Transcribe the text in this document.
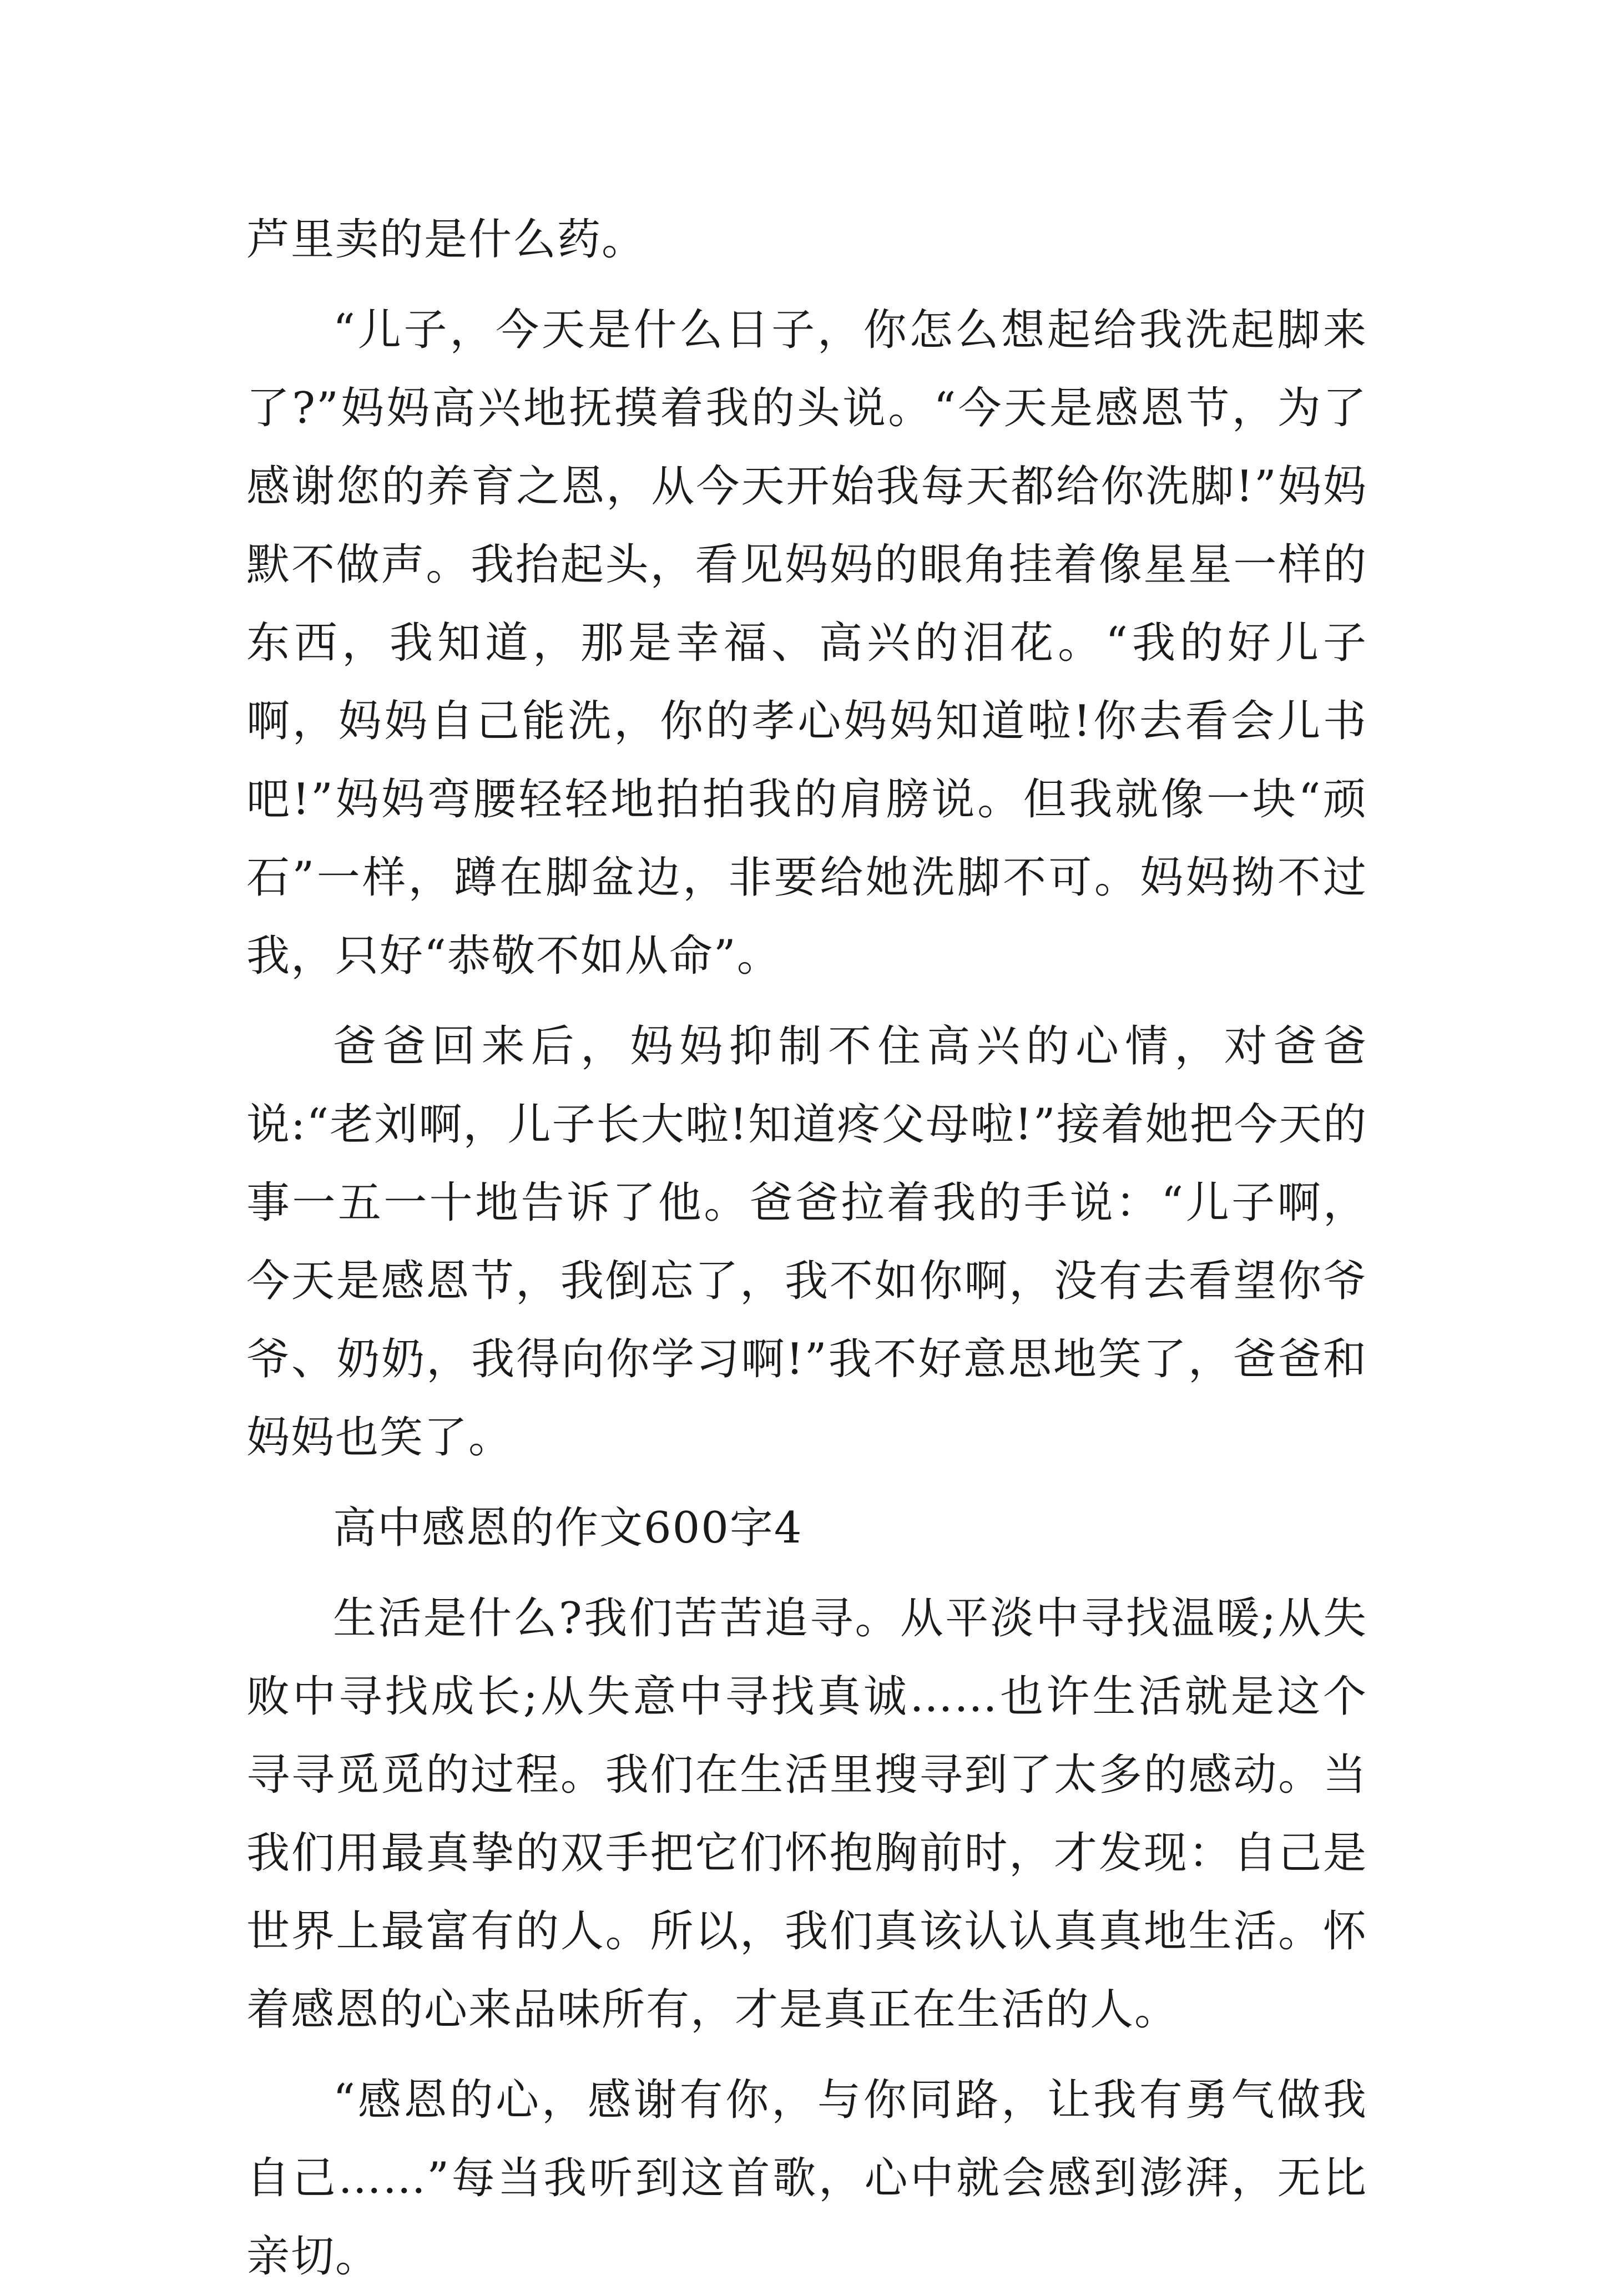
芦里卖的是什么药。

“儿子，今天是什么日子，你怎么想起给我洗起脚来了?”妈妈高兴地抚摸着我的头说。“今天是感恩节，为了感谢您的养育之恩，从今天开始我每天都给你洗脚!”妈妈默不做声。我抬起头，看见妈妈的眼角挂着像星星一样的东西，我知道，那是幸福、高兴的泪花。“我的好儿子啊，妈妈自己能洗，你的孝心妈妈知道啦!你去看会儿书吧!”妈妈弯腰轻轻地拍拍我的肩膀说。但我就像一块“顽石”一样，蹲在脚盆边，非要给她洗脚不可。妈妈拗不过我，只好“恭敬不如从命”。

爸爸回来后，妈妈抑制不住高兴的心情，对爸爸说:“老刘啊，儿子长大啦!知道疼父母啦!”接着她把今天的事一五一十地告诉了他。爸爸拉着我的手说：“儿子啊，今天是感恩节，我倒忘了，我不如你啊，没有去看望你爷爷、奶奶，我得向你学习啊!”我不好意思地笑了，爸爸和妈妈也笑了。

高中感恩的作文600字4

生活是什么?我们苦苦追寻。从平淡中寻找温暖;从失败中寻找成长;从失意中寻找真诚……也许生活就是这个寻寻觅觅的过程。我们在生活里搜寻到了太多的感动。当我们用最真挚的双手把它们怀抱胸前时，才发现：自己是世界上最富有的人。所以，我们真该认认真真地生活。怀着感恩的心来品味所有，才是真正在生活的人。

“感恩的心，感谢有你，与你同路，让我有勇气做我自己……”每当我听到这首歌，心中就会感到澎湃，无比亲切。
